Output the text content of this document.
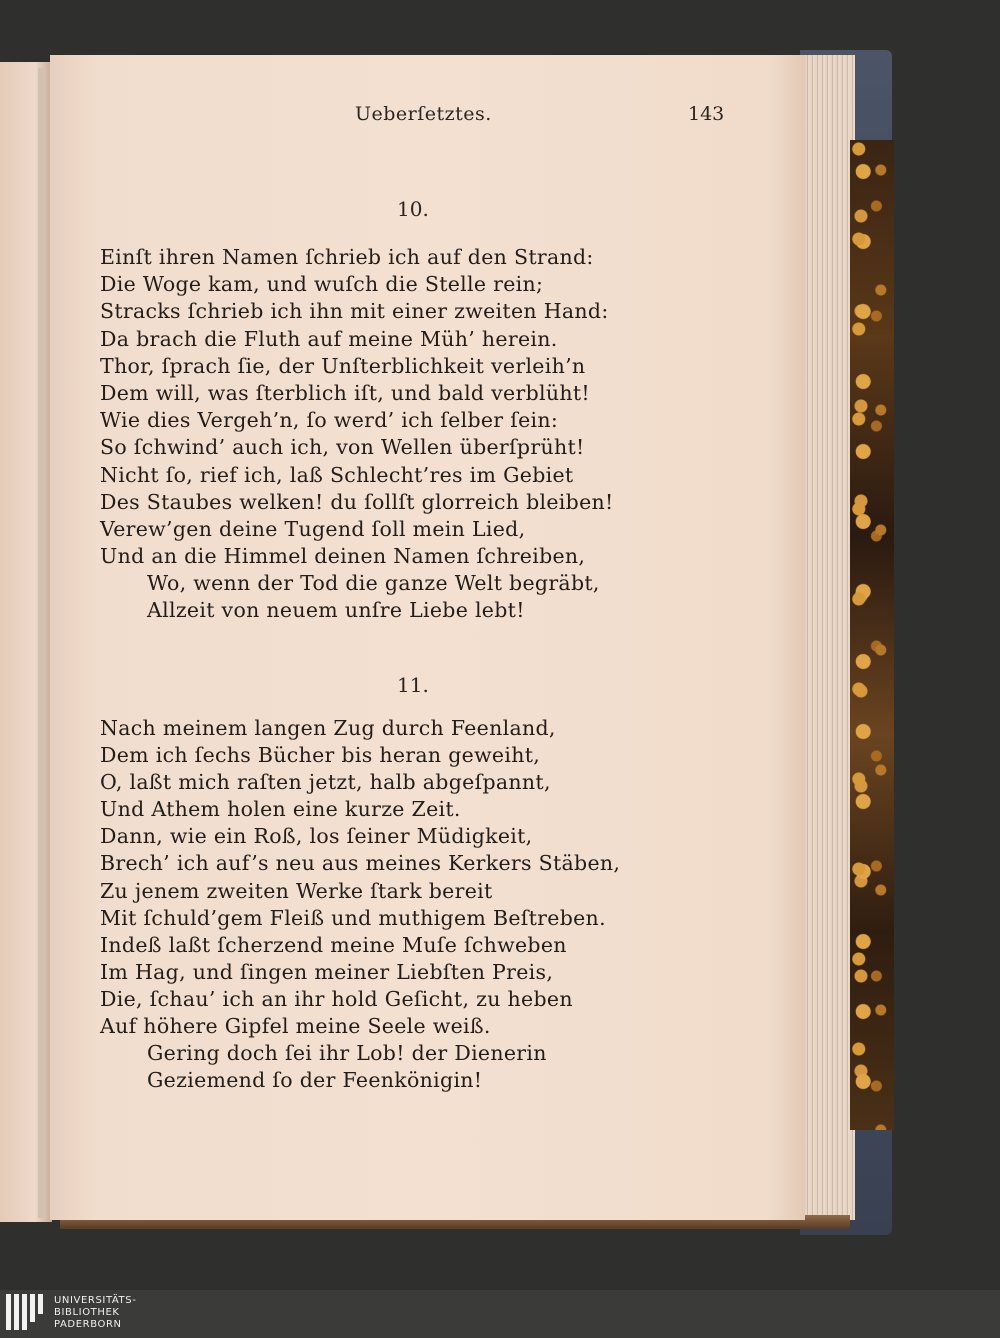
Ueberſetztes.	143
10.
Einſt ihren Namen ſchrieb ich auf den Strand:
Die Woge kam, und wuſch die Stelle rein;
Stracks ſchrieb ich ihn mit einer zweiten Hand:
Da brach die Fluth auf meine Müh’ herein.
Thor, ſprach ſie, der Unſterblichkeit verleih’n
Dem will, was ſterblich iſt, und bald verblüht!
Wie dies Vergeh’n, ſo werd’ ich ſelber ſein:
So ſchwind’ auch ich, von Wellen überſprüht!
Nicht ſo, rief ich, laß Schlecht’res im Gebiet
Des Staubes welken! du ſollſt glorreich bleiben!
Verew’gen deine Tugend ſoll mein Lied,
Und an die Himmel deinen Namen ſchreiben,
Wo, wenn der Tod die ganze Welt begräbt,
Allzeit von neuem unſre Liebe lebt!
11.
Nach meinem langen Zug durch Feenland,
Dem ich ſechs Bücher bis heran geweiht,
O, laßt mich raſten jetzt, halb abgeſpannt,
Und Athem holen eine kurze Zeit.
Dann, wie ein Roß, los ſeiner Müdigkeit,
Brech’ ich auf’s neu aus meines Kerkers Stäben,
Zu jenem zweiten Werke ſtark bereit
Mit ſchuld’gem Fleiß und muthigem Beſtreben.
Indeß laßt ſcherzend meine Muſe ſchweben
Im Hag, und ſingen meiner Liebſten Preis,
Die, ſchau’ ich an ihr hold Geſicht, zu heben
Auf höhere Gipfel meine Seele weiß.
Gering doch ſei ihr Lob! der Dienerin
Geziemend ſo der Feenkönigin!
UNIVERSITÄTS-
BIBLIOTHEK
PADERBORN
